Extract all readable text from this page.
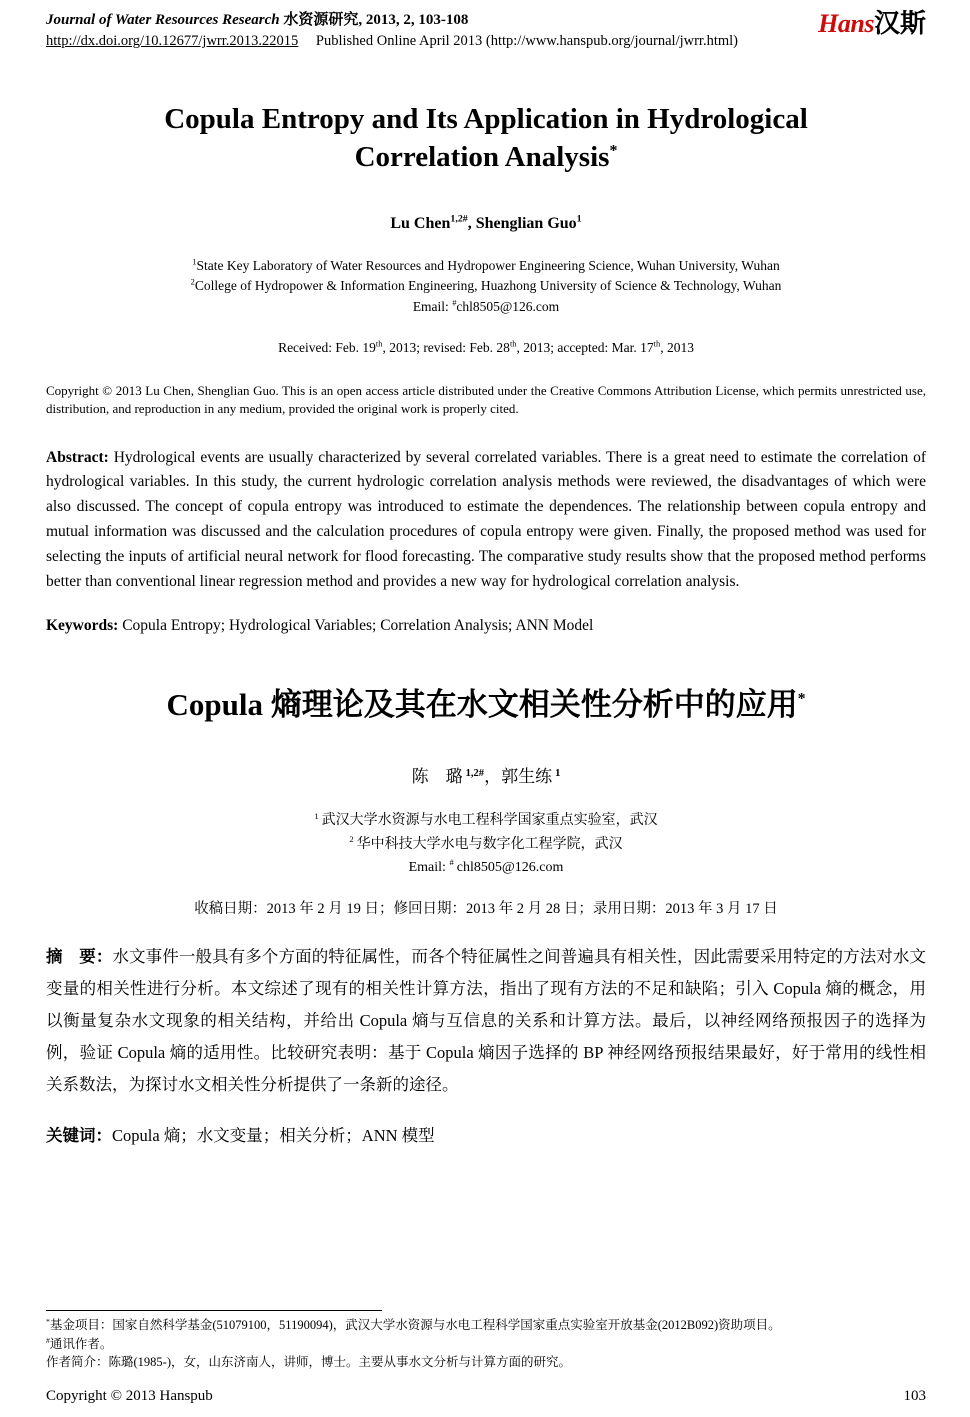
Journal of Water Resources Research 水资源研究, 2013, 2, 103-108
http://dx.doi.org/10.12677/jwrr.2013.22015 Published Online April 2013 (http://www.hanspub.org/journal/jwrr.html)
Hans汉斯
Copula Entropy and Its Application in Hydrological
Correlation Analysis*

Lu Chen$^{1,2\#}$, Shenglian Guo$^1$

$^1$State Key Laboratory of Water Resources and Hydropower Engineering Science, Wuhan University, Wuhan
$^2$College of Hydropower & Information Engineering, Huazhong University of Science & Technology, Wuhan
Email: #chl8505@126.com

Received: Feb. 19th, 2013; revised: Feb. 28th, 2013; accepted: Mar. 17th, 2013

Copyright © 2013 Lu Chen, Shenglian Guo. This is an open access article distributed under the Creative Commons Attribution License, which permits unrestricted use, distribution, and reproduction in any medium, provided the original work is properly cited.

Abstract: Hydrological events are usually characterized by several correlated variables. There is a great need to estimate the correlation of hydrological variables. In this study, the current hydrologic correlation analysis methods were reviewed, the disadvantages of which were also discussed. The concept of copula entropy was introduced to estimate the dependences. The relationship between copula entropy and mutual information was discussed and the calculation procedures of copula entropy were given. Finally, the proposed method was used for selecting the inputs of artificial neural network for flood forecasting. The comparative study results show that the proposed method performs better than conventional linear regression method and provides a new way for hydrological correlation analysis.

Keywords: Copula Entropy; Hydrological Variables; Correlation Analysis; ANN Model

Copula 熵理论及其在水文相关性分析中的应用*

陈　璐 $^{1,2\#}$，郭生练 $^1$

$^1$ 武汉大学水资源与水电工程科学国家重点实验室，武汉
$^2$ 华中科技大学水电与数字化工程学院，武汉
Email: # chl8505@126.com

收稿日期：2013 年 2 月 19 日；修回日期：2013 年 2 月 28 日；录用日期：2013 年 3 月 17 日

摘　要：水文事件一般具有多个方面的特征属性，而各个特征属性之间普遍具有相关性，因此需要采用特定的方法对水文变量的相关性进行分析。本文综述了现有的相关性计算方法，指出了现有方法的不足和缺陷；引入 Copula 熵的概念，用以衡量复杂水文现象的相关结构，并给出 Copula 熵与互信息的关系和计算方法。最后，以神经网络预报因子的选择为例，验证 Copula 熵的适用性。比较研究表明：基于 Copula 熵因子选择的 BP 神经网络预报结果最好，好于常用的线性相关系数法，为探讨水文相关性分析提供了一条新的途径。

关键词：Copula 熵；水文变量；相关分析；ANN 模型

*基金项目：国家自然科学基金(51079100，51190094)，武汉大学水资源与水电工程科学国家重点实验室开放基金(2012B092)资助项目。

#通讯作者。

作者简介：陈璐(1985-)，女，山东济南人，讲师，博士。主要从事水文分析与计算方面的研究。

Copyright © 2013 Hanspub	103
